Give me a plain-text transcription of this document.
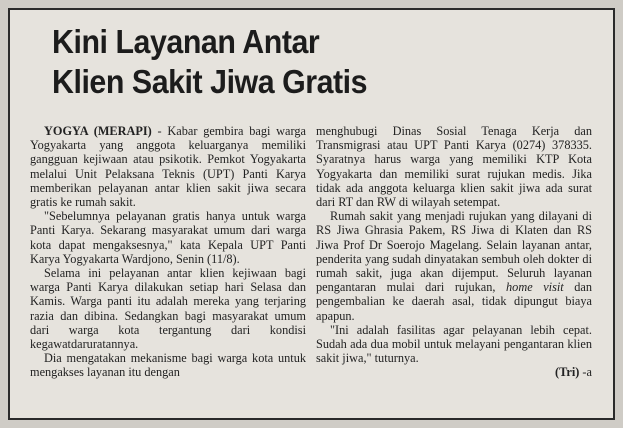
Kini Layanan Antar
Klien Sakit Jiwa Gratis

YOGYA (MERAPI) - Kabar gembira bagi warga Yogyakarta yang anggota keluarganya memiliki gangguan kejiwaan atau psikotik. Pemkot Yogyakarta melalui Unit Pelaksana Teknis (UPT) Panti Karya memberikan pelayanan antar klien sakit jiwa secara gratis ke rumah sakit.

"Sebelumnya pelayanan gratis hanya untuk warga Panti Karya. Sekarang masyarakat umum dari warga kota dapat mengaksesnya," kata Kepala UPT Panti Karya Yogyakarta Wardjono, Senin (11/8).

Selama ini pelayanan antar klien kejiwaan bagi warga Panti Karya dilakukan setiap hari Selasa dan Kamis. Warga panti itu adalah mereka yang terjaring razia dan dibina. Sedangkan bagi masyarakat umum dari warga kota tergantung dari kondisi kegawatdaruratannya.

Dia mengatakan mekanisme bagi warga kota untuk mengakses layanan itu dengan

menghubugi Dinas Sosial Tenaga Kerja dan Transmigrasi atau UPT Panti Karya (0274) 378335. Syaratnya harus warga yang memiliki KTP Kota Yogyakarta dan memiliki surat rujukan medis. Jika tidak ada anggota keluarga klien sakit jiwa ada surat dari RT dan RW di wilayah setempat.

Rumah sakit yang menjadi rujukan yang dilayani di RS Jiwa Ghrasia Pakem, RS Jiwa di Klaten dan RS Jiwa Prof Dr Soerojo Magelang. Selain layanan antar, penderita yang sudah dinyatakan sembuh oleh dokter di rumah sakit, juga akan dijemput. Seluruh layanan pengantaran mulai dari rujukan, home visit dan pengembalian ke daerah asal, tidak dipungut biaya apapun.

"Ini adalah fasilitas agar pelayanan lebih cepat. Sudah ada dua mobil untuk melayani pengantaran klien sakit jiwa," tuturnya.

(Tri) -a
